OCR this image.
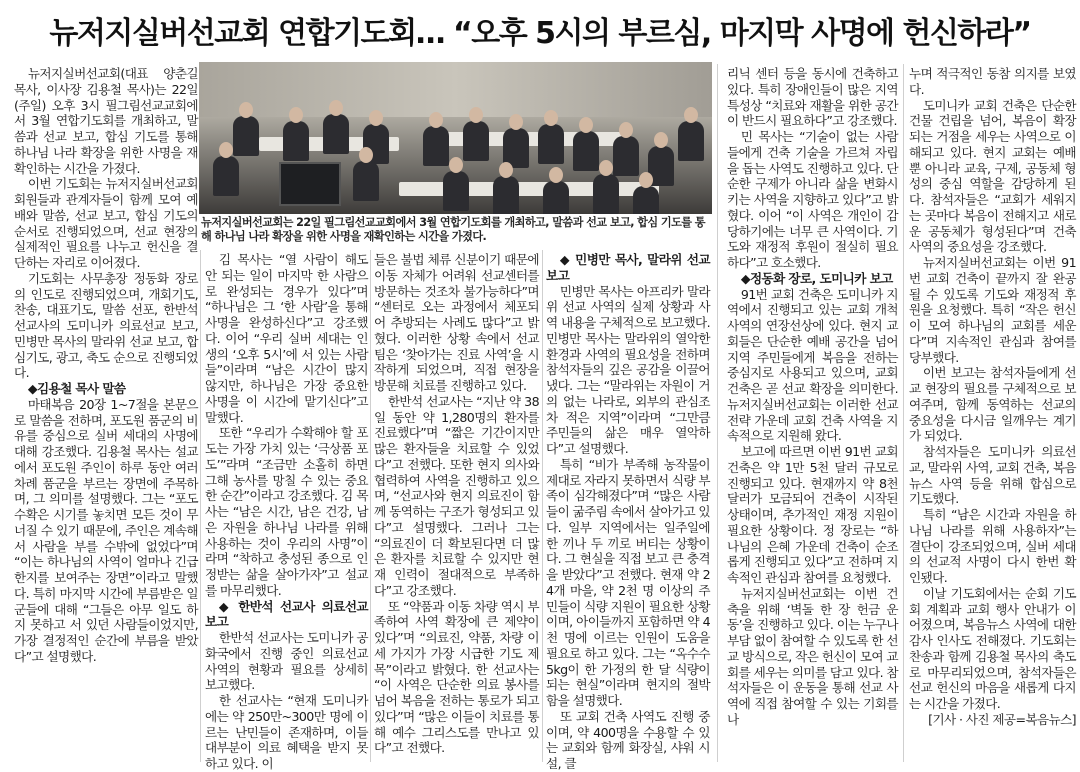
뉴저지실버선교회 연합기도회… “오후 5시의 부르심, 마지막 사명에 헌신하라”
뉴저지실버선교회는 22일 필그림선교교회에서 3월 연합기도회를 개최하고, 말씀과 선교 보고, 합심 기도를 통해 하나님 나라 확장을 위한 사명을 재확인하는 시간을 가졌다.

뉴저지실버선교회(대표 양춘길 목사, 이사장 김용철 목사)는 22일(주일) 오후 3시 필그림선교교회에서 3월 연합기도회를 개최하고, 말씀과 선교 보고, 합심 기도를 통해 하나님 나라 확장을 위한 사명을 재확인하는 시간을 가졌다.

이번 기도회는 뉴저지실버선교회 회원들과 관계자들이 함께 모여 예배와 말씀, 선교 보고, 합심 기도의 순서로 진행되었으며, 선교 현장의 실제적인 필요를 나누고 헌신을 결단하는 자리로 이어졌다.

기도회는 사무총장 정동화 장로의 인도로 진행되었으며, 개회기도, 찬송, 대표기도, 말씀 선포, 한반석 선교사의 도미니카 의료선교 보고, 민병만 목사의 말라위 선교 보고, 합심기도, 광고, 축도 순으로 진행되었다.

◆김용철 목사 말씀

마태복음 20장 1~7절을 본문으로 말씀을 전하며, 포도원 품군의 비유를 중심으로 실버 세대의 사명에 대해 강조했다. 김용철 목사는 설교에서 포도원 주인이 하루 동안 여러 차례 품군을 부르는 장면에 주목하며, 그 의미를 설명했다. 그는 “포도 수확은 시기를 놓치면 모든 것이 무너질 수 있기 때문에, 주인은 계속해서 사람을 부를 수밖에 없었다”며 “이는 하나님의 사역이 얼마나 긴급한지를 보여주는 장면”이라고 말했다. 특히 마지막 시간에 부름받은 일군들에 대해 “그들은 아무 일도 하지 못하고 서 있던 사람들이었지만, 가장 결정적인 순간에 부름을 받았다”고 설명했다.

김 목사는 “열 사람이 해도 안 되는 일이 마지막 한 사람으로 완성되는 경우가 있다”며 “하나님은 그 ‘한 사람’을 통해 사명을 완성하신다”고 강조했다. 이어 “우리 실버 세대는 인생의 ‘오후 5시’에 서 있는 사람들”이라며 “남은 시간이 많지 않지만, 하나님은 가장 중요한 사명을 이 시간에 맡기신다”고 말했다.

또한 “우리가 수확해야 할 포도는 가장 가치 있는 ‘극상품 포도’”라며 “조금만 소홀히 하면 그해 농사를 망칠 수 있는 중요한 순간”이라고 강조했다. 김 목사는 “남은 시간, 남은 건강, 남은 자원을 하나님 나라를 위해 사용하는 것이 우리의 사명”이라며 “착하고 충성된 종으로 인정받는 삶을 살아가자”고 설교를 마무리했다.

◆ 한반석 선교사 의료선교 보고

한반석 선교사는 도미니카 공화국에서 진행 중인 의료선교 사역의 현황과 필요를 상세히 보고했다.

한 선교사는 “현재 도미니카에는 약 250만~300만 명에 이르는 난민들이 존재하며, 이들 대부분이 의료 혜택을 받지 못하고 있다. 이

들은 불법 체류 신분이기 때문에 이동 자체가 어려워 선교센터를 방문하는 것조차 불가능하다”며 “센터로 오는 과정에서 체포되어 추방되는 사례도 많다”고 밝혔다. 이러한 상황 속에서 선교팀은 ‘찾아가는 진료 사역’을 시작하게 되었으며, 직접 현장을 방문해 치료를 진행하고 있다.

한반석 선교사는 “지난 약 38일 동안 약 1,280명의 환자를 진료했다”며 “짧은 기간이지만 많은 환자들을 치료할 수 있었다”고 전했다. 또한 현지 의사와 협력하여 사역을 진행하고 있으며, “선교사와 현지 의료진이 함께 동역하는 구조가 형성되고 있다”고 설명했다. 그러나 그는 “의료진이 더 확보된다면 더 많은 환자를 치료할 수 있지만 현재 인력이 절대적으로 부족하다”고 강조했다.

또 “약품과 이동 차량 역시 부족하여 사역 확장에 큰 제약이 있다”며 “의료진, 약품, 차량 이 세 가지가 가장 시급한 기도 제목”이라고 밝혔다. 한 선교사는 “이 사역은 단순한 의료 봉사를 넘어 복음을 전하는 통로가 되고 있다”며 “많은 이들이 치료를 통해 예수 그리스도를 만나고 있다”고 전했다.

◆ 민병만 목사, 말라위 선교 보고

민병만 목사는 아프리카 말라위 선교 사역의 실제 상황과 사역 내용을 구체적으로 보고했다. 민병만 목사는 말라위의 열악한 환경과 사역의 필요성을 전하며 참석자들의 깊은 공감을 이끌어냈다. 그는 “말라위는 자원이 거의 없는 나라로, 외부의 관심조차 적은 지역”이라며 “그만큼 주민들의 삶은 매우 열악하다”고 설명했다.

특히 “비가 부족해 농작물이 제대로 자라지 못하면서 식량 부족이 심각해졌다”며 “많은 사람들이 굶주림 속에서 살아가고 있다. 일부 지역에서는 일주일에 한 끼나 두 끼로 버티는 상황이다. 그 현실을 직접 보고 큰 충격을 받았다”고 전했다. 현재 약 24개 마을, 약 2천 명 이상의 주민들이 식량 지원이 필요한 상황이며, 아이들까지 포함하면 약 4천 명에 이르는 인원이 도움을 필요로 하고 있다. 그는 “옥수수 5kg이 한 가정의 한 달 식량이 되는 현실”이라며 현지의 절박함을 설명했다.

또 교회 건축 사역도 진행 중이며, 약 400명을 수용할 수 있는 교회와 함께 화장실, 샤워 시설, 클

리닉 센터 등을 동시에 건축하고 있다. 특히 장애인들이 많은 지역 특성상 “치료와 재활을 위한 공간이 반드시 필요하다”고 강조했다.

민 목사는 “기술이 없는 사람들에게 건축 기술을 가르쳐 자립을 돕는 사역도 진행하고 있다. 단순한 구제가 아니라 삶을 변화시키는 사역을 지향하고 있다”고 밝혔다. 이어 “이 사역은 개인이 감당하기에는 너무 큰 사역이다. 기도와 재정적 후원이 절실히 필요하다”고 호소했다.

◆정동화 장로, 도미니카 보고

91번 교회 건축은 도미니카 지역에서 진행되고 있는 교회 개척 사역의 연장선상에 있다. 현지 교회들은 단순한 예배 공간을 넘어 지역 주민들에게 복음을 전하는 중심지로 사용되고 있으며, 교회 건축은 곧 선교 확장을 의미한다. 뉴저지실버선교회는 이러한 선교 전략 가운데 교회 건축 사역을 지속적으로 지원해 왔다.

보고에 따르면 이번 91번 교회 건축은 약 1만 5천 달러 규모로 진행되고 있다. 현재까지 약 8천 달러가 모금되어 건축이 시작된 상태이며, 추가적인 재정 지원이 필요한 상황이다. 정 장로는 “하나님의 은혜 가운데 건축이 순조롭게 진행되고 있다”고 전하며 지속적인 관심과 참여를 요청했다.

뉴저지실버선교회는 이번 건축을 위해 ‘벽돌 한 장 헌금 운동’을 진행하고 있다. 이는 누구나 부담 없이 참여할 수 있도록 한 선교 방식으로, 작은 헌신이 모여 교회를 세우는 의미를 담고 있다. 참석자들은 이 운동을 통해 선교 사역에 직접 참여할 수 있는 기회를 나

누며 적극적인 동참 의지를 보였다.

도미니카 교회 건축은 단순한 건물 건립을 넘어, 복음이 확장되는 거점을 세우는 사역으로 이해되고 있다. 현지 교회는 예배뿐 아니라 교육, 구제, 공동체 형성의 중심 역할을 감당하게 된다. 참석자들은 “교회가 세워지는 곳마다 복음이 전해지고 새로운 공동체가 형성된다”며 건축 사역의 중요성을 강조했다.

뉴저지실버선교회는 이번 91번 교회 건축이 끝까지 잘 완공될 수 있도록 기도와 재정적 후원을 요청했다. 특히 “작은 헌신이 모여 하나님의 교회를 세운다”며 지속적인 관심과 참여를 당부했다.

이번 보고는 참석자들에게 선교 현장의 필요를 구체적으로 보여주며, 함께 동역하는 선교의 중요성을 다시금 일깨우는 계기가 되었다.

참석자들은 도미니카 의료선교, 말라위 사역, 교회 건축, 복음뉴스 사역 등을 위해 합심으로 기도했다.

특히 “남은 시간과 자원을 하나님 나라를 위해 사용하자”는 결단이 강조되었으며, 실버 세대의 선교적 사명이 다시 한번 확인됐다.

이날 기도회에서는 순회 기도회 계획과 교회 행사 안내가 이어졌으며, 복음뉴스 사역에 대한 감사 인사도 전해졌다. 기도회는 찬송과 함께 김용철 목사의 축도로 마무리되었으며, 참석자들은 선교 헌신의 마음을 새롭게 다지는 시간을 가졌다.

[기사 · 사진 제공=복음뉴스]
